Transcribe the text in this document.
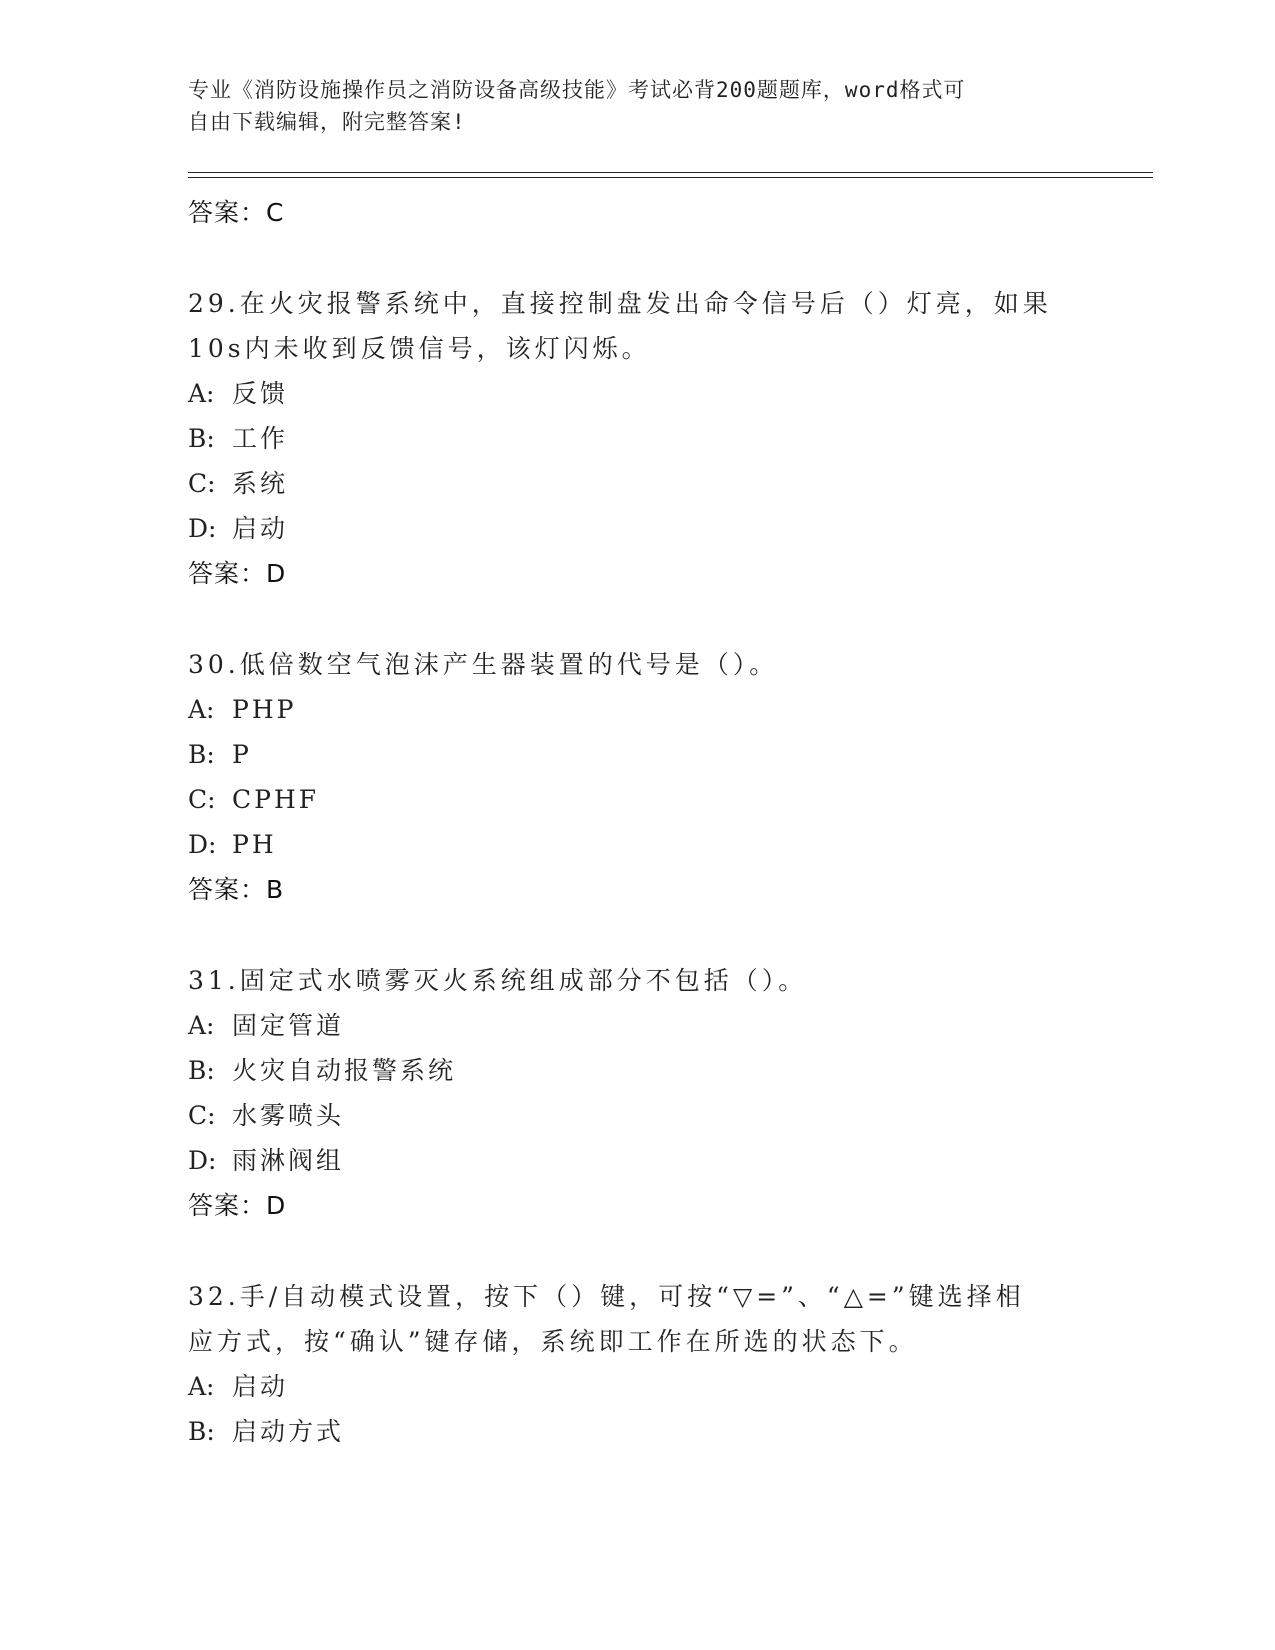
专业《消防设施操作员之消防设备高级技能》考试必背200题题库，word格式可
自由下载编辑，附完整答案!
答案：C
29.在火灾报警系统中，直接控制盘发出命令信号后（）灯亮，如果
10s内未收到反馈信号，该灯闪烁。
A: 反馈
B: 工作
C: 系统
D: 启动
答案：D
30.低倍数空气泡沫产生器装置的代号是（）。
A: PHP
B: P
C: CPHF
D: PH
答案：B
31.固定式水喷雾灭火系统组成部分不包括（）。
A: 固定管道
B: 火灾自动报警系统
C: 水雾喷头
D: 雨淋阀组
答案：D
32.手/自动模式设置，按下（）键，可按“▽=”、“△=”键选择相
应方式，按“确认”键存储，系统即工作在所选的状态下。
A: 启动
B: 启动方式
